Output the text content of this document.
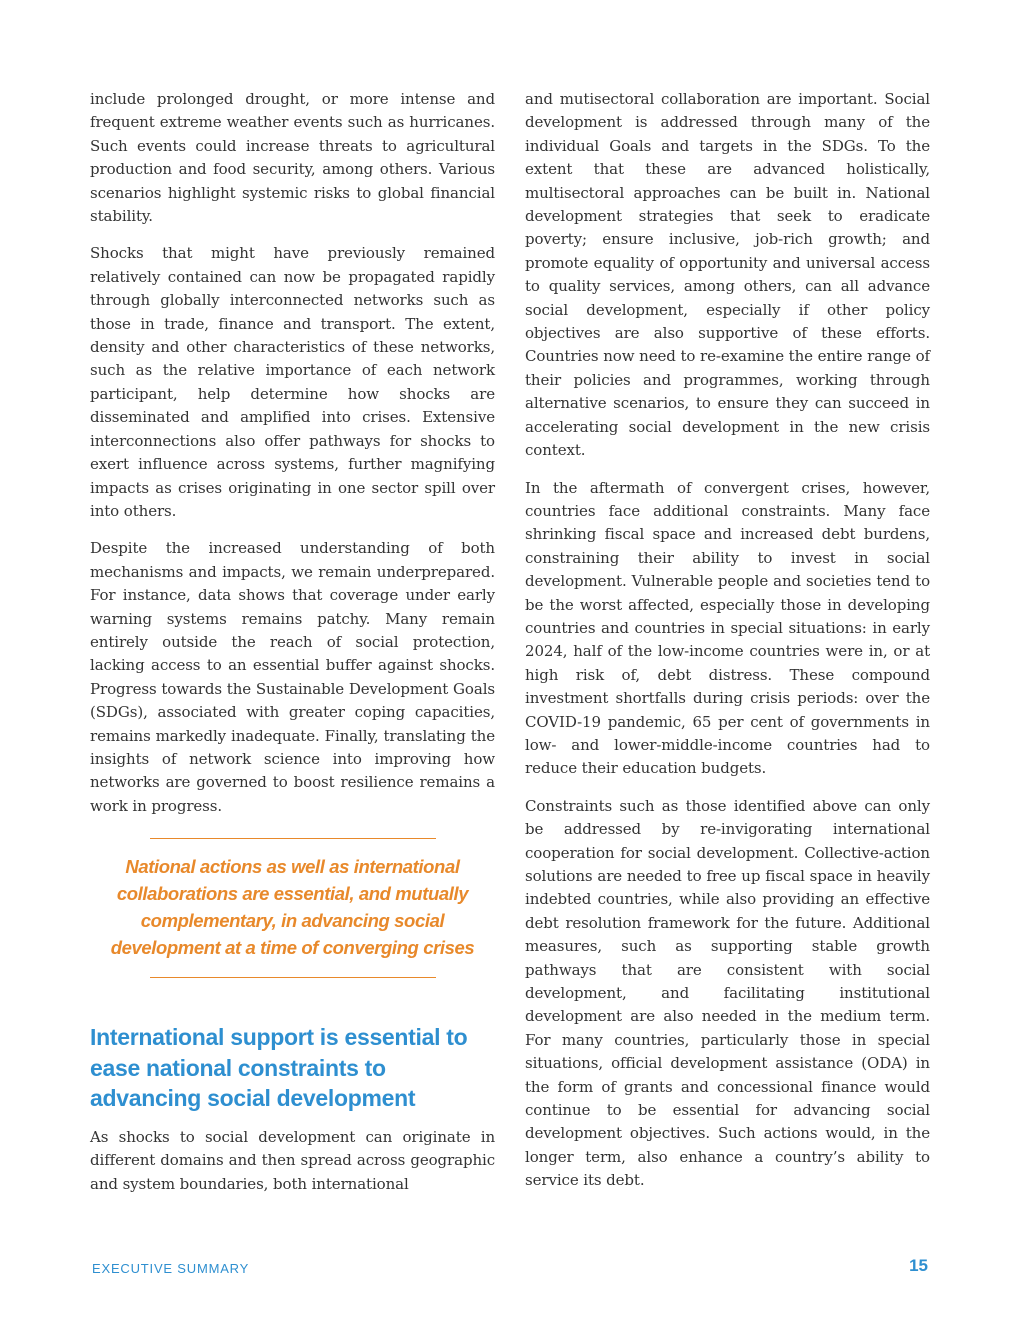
include prolonged drought, or more intense and frequent extreme weather events such as hurricanes. Such events could increase threats to agricultural production and food security, among others. Various scenarios highlight systemic risks to global financial stability.

Shocks that might have previously remained relatively contained can now be propagated rapidly through globally interconnected networks such as those in trade, finance and transport. The extent, density and other characteristics of these networks, such as the relative importance of each network participant, help determine how shocks are disseminated and amplified into crises. Extensive interconnections also offer pathways for shocks to exert influence across systems, further magnifying impacts as crises originating in one sector spill over into others.

Despite the increased understanding of both mechanisms and impacts, we remain underprepared. For instance, data shows that coverage under early warning systems remains patchy. Many remain entirely outside the reach of social protection, lacking access to an essential buffer against shocks. Progress towards the Sustainable Development Goals (SDGs), associated with greater coping capacities, remains markedly inadequate. Finally, translating the insights of network science into improving how networks are governed to boost resilience remains a work in progress.

National actions as well as international collaborations are essential, and mutually complementary, in advancing social development at a time of converging crises
International support is essential to ease national constraints to advancing social development

As shocks to social development can originate in different domains and then spread across geographic and system boundaries, both international

and mutisectoral collaboration are important. Social development is addressed through many of the individual Goals and targets in the SDGs. To the extent that these are advanced holistically, multisectoral approaches can be built in. National development strategies that seek to eradicate poverty; ensure inclusive, job-rich growth; and promote equality of opportunity and universal access to quality services, among others, can all advance social development, especially if other policy objectives are also supportive of these efforts. Countries now need to re-examine the entire range of their policies and programmes, working through alternative scenarios, to ensure they can succeed in accelerating social development in the new crisis context.

In the aftermath of convergent crises, however, countries face additional constraints. Many face shrinking fiscal space and increased debt burdens, constraining their ability to invest in social development. Vulnerable people and societies tend to be the worst affected, especially those in developing countries and countries in special situations: in early 2024, half of the low-income countries were in, or at high risk of, debt distress. These compound investment shortfalls during crisis periods: over the COVID-19 pandemic, 65 per cent of governments in low- and lower-middle-income countries had to reduce their education budgets.

Constraints such as those identified above can only be addressed by re-invigorating international cooperation for social development. Collective-action solutions are needed to free up fiscal space in heavily indebted countries, while also providing an effective debt resolution framework for the future. Additional measures, such as supporting stable growth pathways that are consistent with social development, and facilitating institutional development are also needed in the medium term. For many countries, particularly those in special situations, official development assistance (ODA) in the form of grants and concessional finance would continue to be essential for advancing social development objectives. Such actions would, in the longer term, also enhance a country’s ability to service its debt.

EXECUTIVE SUMMARY	15
